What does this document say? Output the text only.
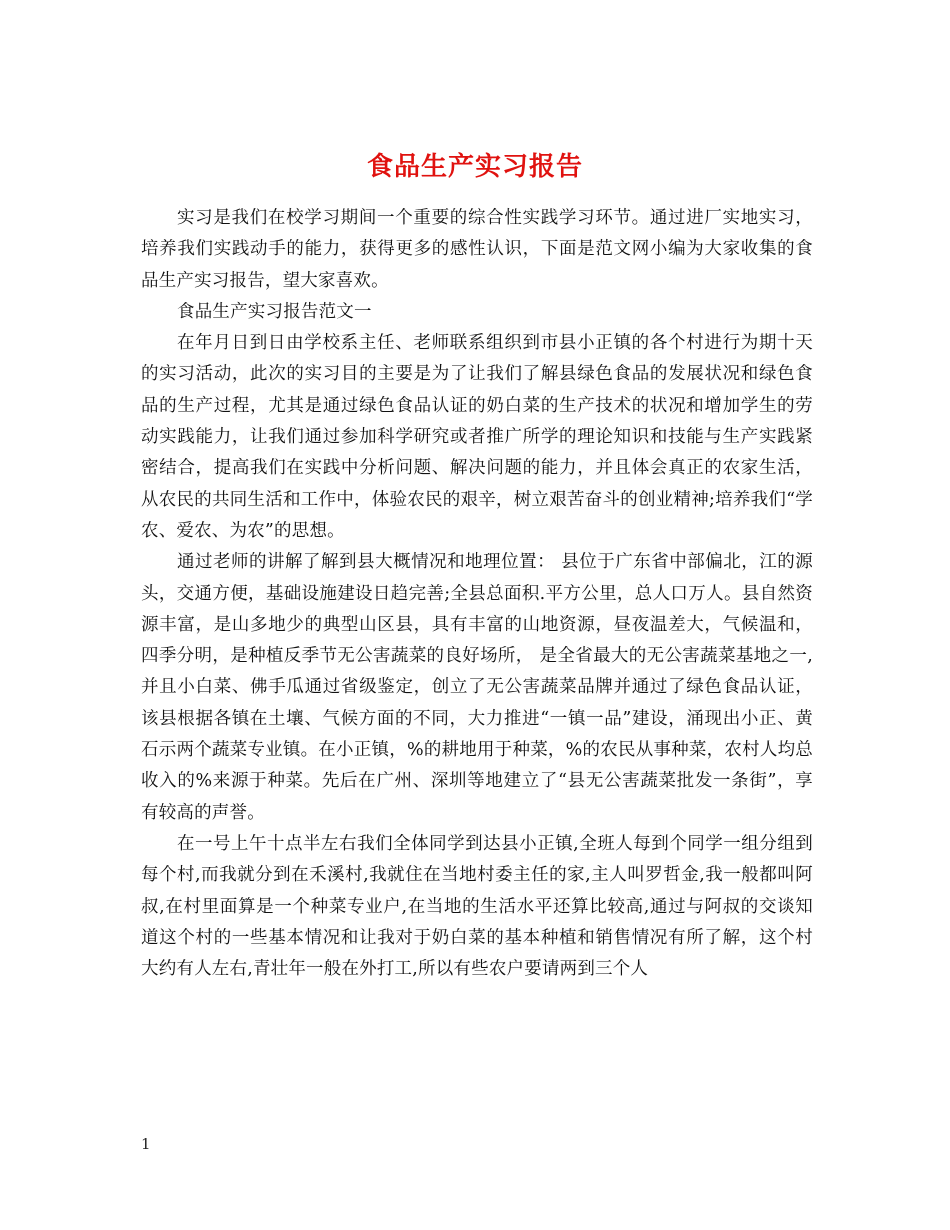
食品生产实习报告

实习是我们在校学习期间一个重要的综合性实践学习环节。通过进厂实地实习，培养我们实践动手的能力，获得更多的感性认识，下面是范文网小编为大家收集的食品生产实习报告，望大家喜欢。

食品生产实习报告范文一

在年月日到日由学校系主任、老师联系组织到市县小正镇的各个村进行为期十天的实习活动，此次的实习目的主要是为了让我们了解县绿色食品的发展状况和绿色食品的生产过程，尤其是通过绿色食品认证的奶白菜的生产技术的状况和增加学生的劳动实践能力，让我们通过参加科学研究或者推广所学的理论知识和技能与生产实践紧密结合，提高我们在实践中分析问题、解决问题的能力，并且体会真正的农家生活，从农民的共同生活和工作中，体验农民的艰辛，树立艰苦奋斗的创业精神;培养我们“学农、爱农、为农”的思想。

通过老师的讲解了解到县大概情况和地理位置： 县位于广东省中部偏北，江的源头，交通方便，基础设施建设日趋完善;全县总面积.平方公里，总人口万人。县自然资源丰富，是山多地少的典型山区县，具有丰富的山地资源，昼夜温差大，气候温和，四季分明，是种植反季节无公害蔬菜的良好场所， 是全省最大的无公害蔬菜基地之一,并且小白菜、佛手瓜通过省级鉴定，创立了无公害蔬菜品牌并通过了绿色食品认证，该县根据各镇在土壤、气候方面的不同，大力推进“一镇一品”建设，涌现出小正、黄石示两个蔬菜专业镇。在小正镇，%的耕地用于种菜，%的农民从事种菜，农村人均总收入的%来源于种菜。先后在广州、深圳等地建立了“县无公害蔬菜批发一条街”，享有较高的声誉。

在一号上午十点半左右我们全体同学到达县小正镇,全班人每到个同学一组分组到每个村,而我就分到在禾溪村,我就住在当地村委主任的家,主人叫罗哲金,我一般都叫阿叔,在村里面算是一个种菜专业户,在当地的生活水平还算比较高,通过与阿叔的交谈知道这个村的一些基本情况和让我对于奶白菜的基本种植和销售情况有所了解，这个村大约有人左右,青壮年一般在外打工,所以有些农户要请两到三个人

1
